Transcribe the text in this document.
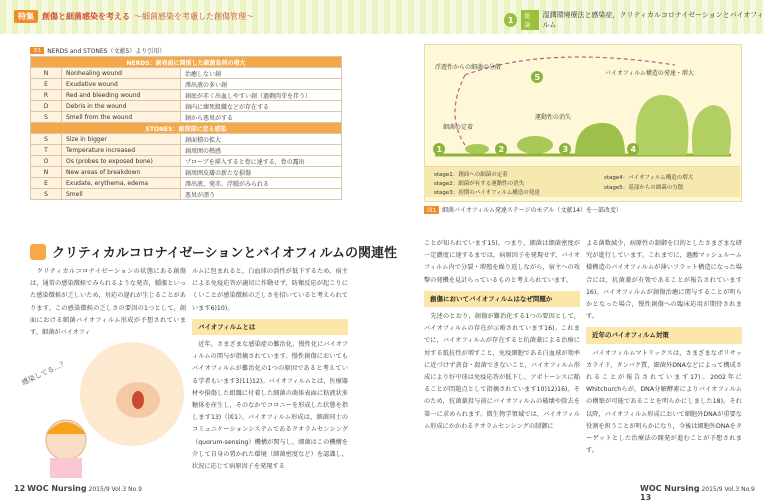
特集	創傷と細菌感染を考える ～細菌感染を考慮した創傷管理～	1	総論
湿潤環境療法と感染症，クリティカルコロナイゼーションとバイオフィルム
表1	NERDS and STONES（文献5）より引用）
NERDS：創表面に関係した細菌負荷の増大		
N	Nonhealing wound	治癒しない創
E	Exudative wound	滲出液の多い創
R	Red and bleeding wound	創底が赤く出血しやすい創（過剰肉芽を伴う）
D	Debris in the wound	創内に壊死組織などが存在する
S	Smell from the wound	創から悪臭がする
STONES：創深部に変る感染		
S	Size in bigger	創面積の拡大
T	Temperature increased	創周囲の熱感
O	Os (probes to exposed bone)	プローブを挿入すると骨に達する，骨の露出
N	New areas of breakdown	創周囲皮膚の新たな損傷
E	Exudate, erythema, edema	滲出液，発赤，浮腫がみられる
S	Smell	悪臭が漂う
浮遊性からの細菌の分散
バイオフィルム構造の発達・増大
細菌の定着
運動性の消失
1	2	3	4
5
stage1：創面への細菌の定着
stage2：細菌が有する運動性の消失
stage3：初期のバイオフィルム構造の発達
stage4：バイオフィルム構造の増大
stage5：基部からの細菌の分散
図1	細菌バイオフィルム発達ステージのモデル（文献14）を一部改変）
クリティカルコロナイゼーションとバイオフィルムの関連性
　クリティカルコロナイゼーションの状態にある創傷は，通常の感染徴候でみられるような発赤，腫脹といった感染徴候が乏しいため，対応の遅れが生じることがあります。この感染徴候の乏しさの要因の1つとして，創面における細菌バイオフィルム形成が予想されています。細菌がバイオフィ
感染してる…？
ルムに包まれると，白血球の活性が低下するため，宿主による免疫応答が適切に作動せず，防衛反応が起こりにくいことが感染徴候の乏しさを招いていると考えられています6)10)。
バイオフィルムとは
　近年，さまざまな感染症の難治化，慢性化にバイオフィルムの関与が指摘されています。慢性創傷においてもバイオフィルムが難治化の1つの原因であると考えている学者もいます3)11)12)。バイオフィルムとは，医療器材や損傷した組織に付着した細菌の菌体表面に粘液状多糖体を産生し，そのなかでコロニーを形成した状態を指します13)（図1）。バイオフィルム形成は，細菌同士のコミュニケーションシステムであるクオラムセンシング（quorum-sensing）機構が関与し，細菌はこの機構を介して自身の置かれた環境（細菌密度など）を認識し，状況に応じて病原因子を発現する
ことが知られています15)。つまり，細菌は細菌密度が一定濃度に達するまでは，病原因子を発現せず，バイオフィルム内で分裂・増殖を繰り返しながら，宿主への攻撃の発機を見計らっているものと考えられています。
創傷においてバイオフィルムはなぜ問題か
　先述のとおり，創傷が難治化する1つの要因として，バイオフィルムの存在が示唆されています16)。これまでに，バイオフィルムが存在すると抗菌薬による治療に対する抵抗性が増すこと，免疫細胞である白血球が効率に近づけず貪食・殺菌できないこと，バイオフィルム形成により好中球は免疫応答が低下し，アポトーシスに陥ることが問題点として指摘されています10)12)16)。そのため，抗菌薬投与前にバイオフィルムの破壊や除去を第一に求められます。微生物学領域では，バイオフィルム形成にかかわるクオラムセンシングの制御に
よる菌数減少，病原性の制御を目的としたさまざまな研究が進行しています。これまでに，過酸マッシュルーム様構造のバイオフィルムが薄いフラット構造になった場合には，抗菌薬が有効であることが報告されています16)。バイオフィルムが創傷治癒に関与することが明らかとなった場合，慢性創傷への臨床応用が期待されます。
近年のバイオフィルム対策
　バイオフィルムマトリックスは，さまざまなポリサッカライド，タンパク質，細菌外DNAなどによって構成されることが報告されています17)。2002年にWhitchurchらが，DNA分解酵素によりバイオフィルムの構築が可能であることを明らかにしました18)。それ以降，バイオフィルム形成において細胞外DNAが重要な役割を担うことが明らかになり，今後は細胞外DNAをターゲットとした治療法の開発が進むことが予想されます。
12 WOC Nursing 2015/9 Vol.3 No.9	WOC Nursing 2015/9 Vol.3 No.9 13
